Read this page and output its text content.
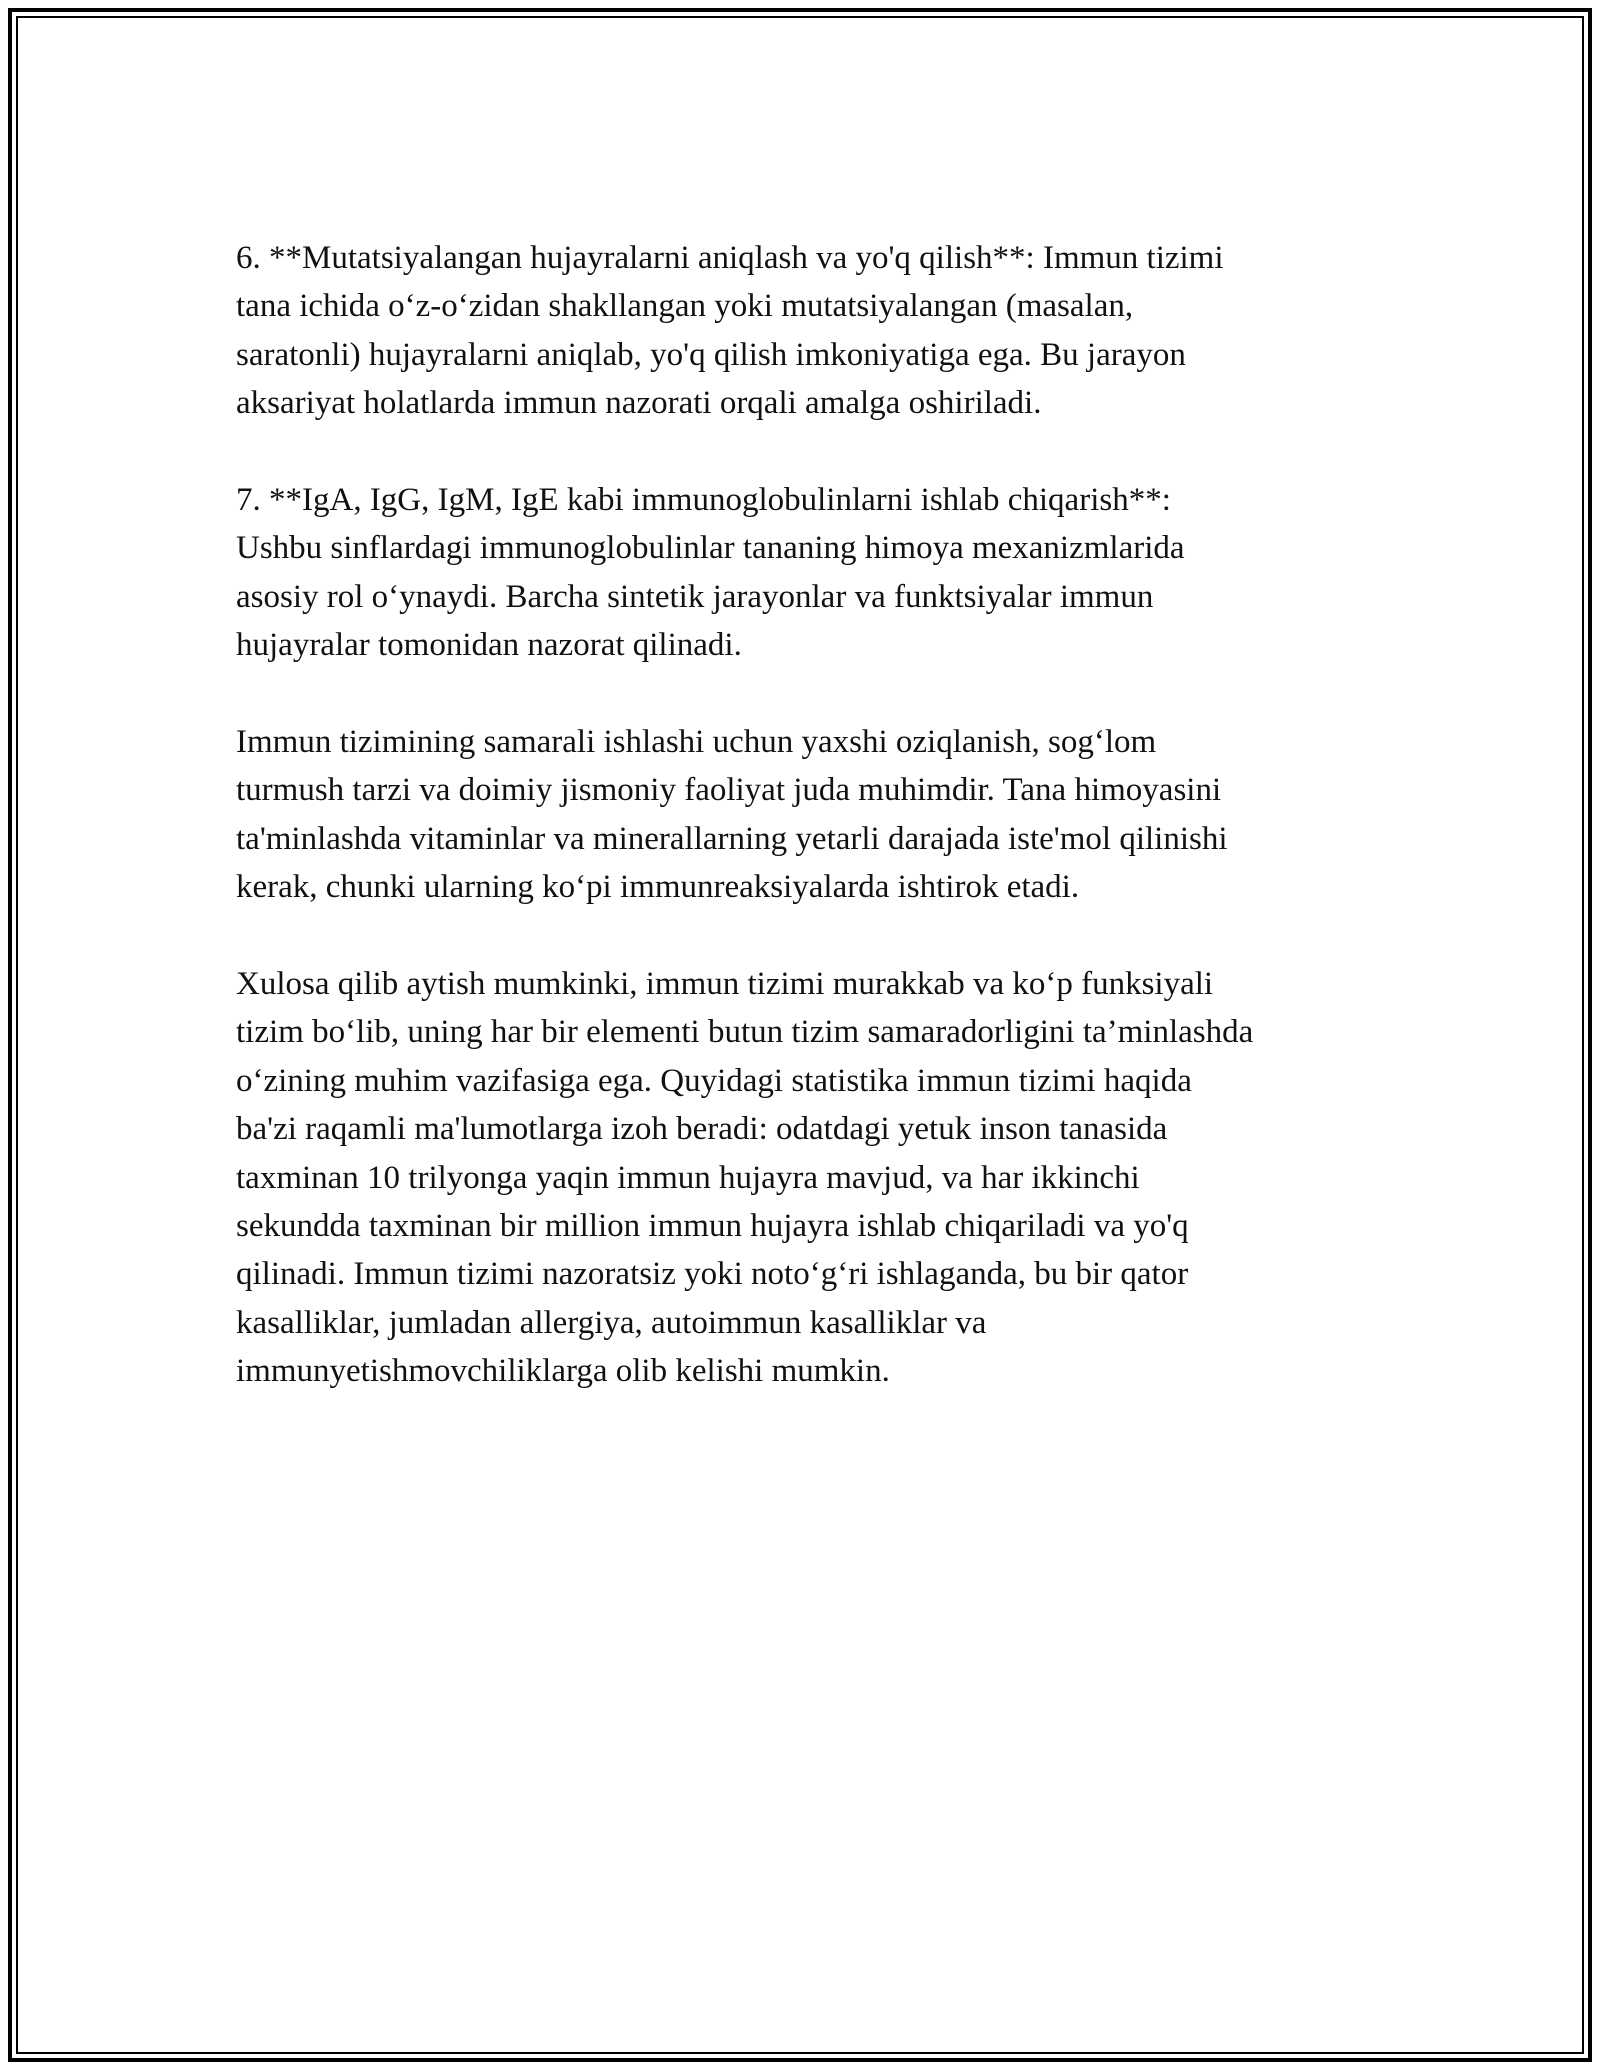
6. **Mutatsiyalangan hujayralarni aniqlash va yo'q qilish**: Immun tizimi
tana ichida o‘z-o‘zidan shakllangan yoki mutatsiyalangan (masalan,
saratonli) hujayralarni aniqlab, yo'q qilish imkoniyatiga ega. Bu jarayon
aksariyat holatlarda immun nazorati orqali amalga oshiriladi.

7. **IgA, IgG, IgM, IgE kabi immunoglobulinlarni ishlab chiqarish**:
Ushbu sinflardagi immunoglobulinlar tananing himoya mexanizmlarida
asosiy rol o‘ynaydi. Barcha sintetik jarayonlar va funktsiyalar immun
hujayralar tomonidan nazorat qilinadi.

Immun tizimining samarali ishlashi uchun yaxshi oziqlanish, sog‘lom
turmush tarzi va doimiy jismoniy faoliyat juda muhimdir. Tana himoyasini
ta'minlashda vitaminlar va minerallarning yetarli darajada iste'mol qilinishi
kerak, chunki ularning ko‘pi immunreaksiyalarda ishtirok etadi.

Xulosa qilib aytish mumkinki, immun tizimi murakkab va ko‘p funksiyali
tizim bo‘lib, uning har bir elementi butun tizim samaradorligini ta’minlashda
o‘zining muhim vazifasiga ega. Quyidagi statistika immun tizimi haqida
ba'zi raqamli ma'lumotlarga izoh beradi: odatdagi yetuk inson tanasida
taxminan 10 trilyonga yaqin immun hujayra mavjud, va har ikkinchi
sekundda taxminan bir million immun hujayra ishlab chiqariladi va yo'q
qilinadi. Immun tizimi nazoratsiz yoki noto‘g‘ri ishlaganda, bu bir qator
kasalliklar, jumladan allergiya, autoimmun kasalliklar va
immunyetishmovchiliklarga olib kelishi mumkin.
